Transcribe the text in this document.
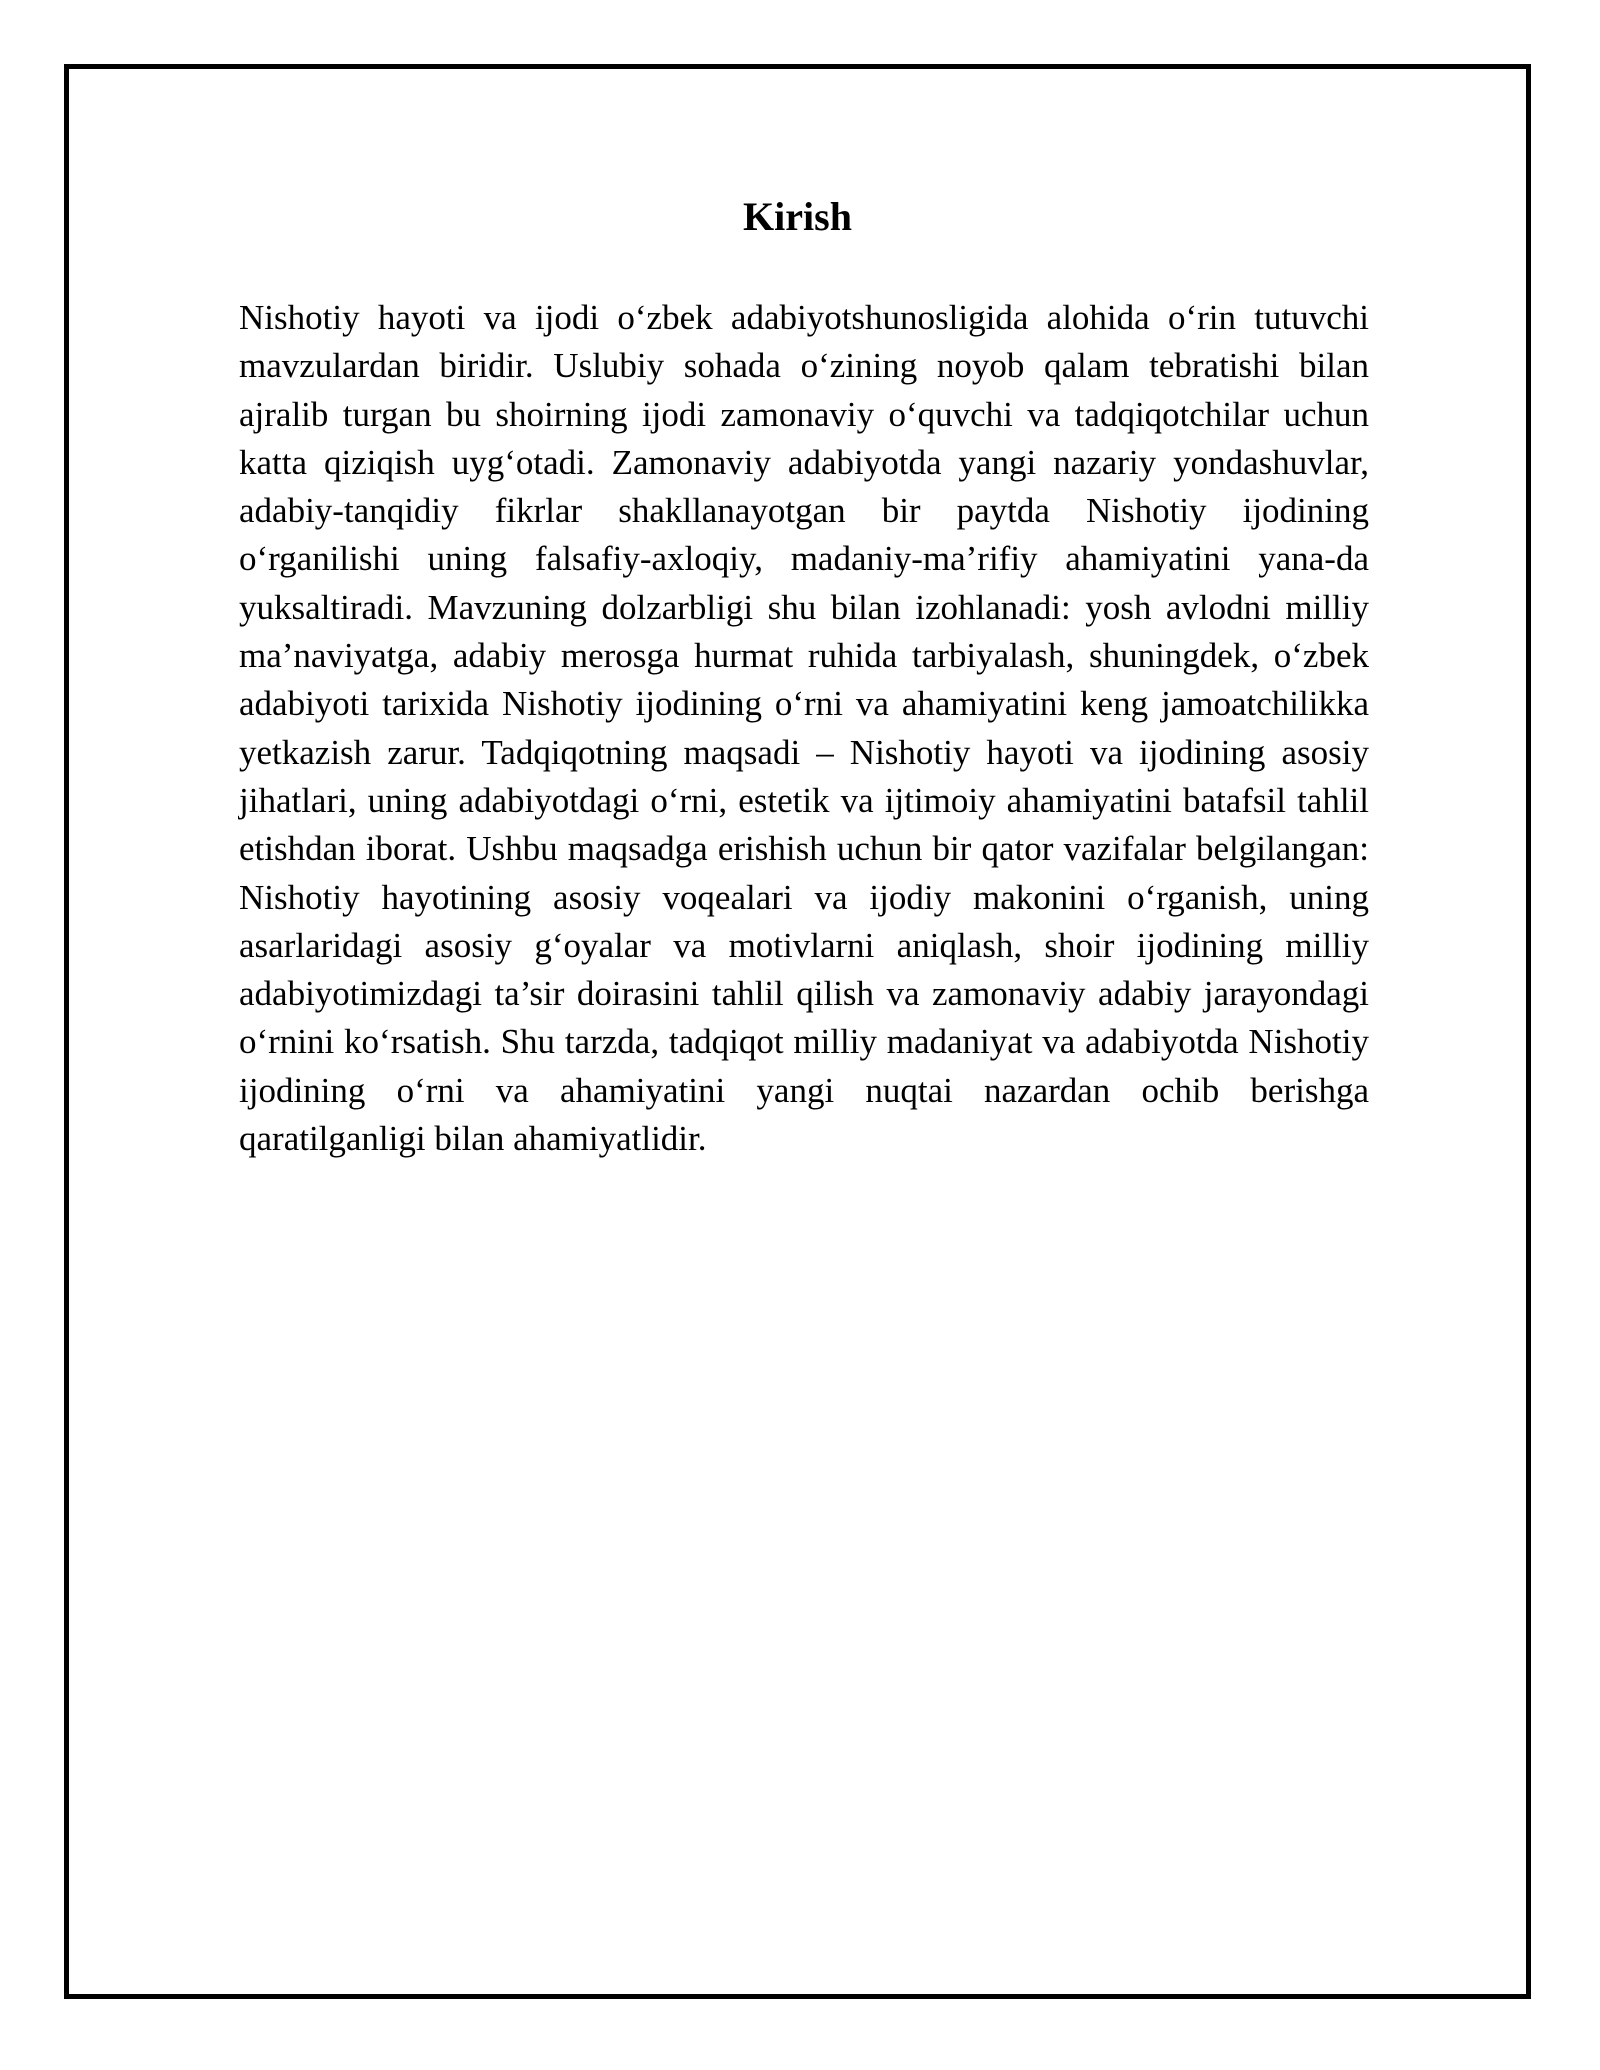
Kirish

Nishotiy hayoti va ijodi o‘zbek adabiyotshunosligida alohida o‘rin tutuvchi mavzulardan biridir. Uslubiy sohada o‘zining noyob qalam tebratishi bilan ajralib turgan bu shoirning ijodi zamonaviy o‘quvchi va tadqiqotchilar uchun katta qiziqish uyg‘otadi. Zamonaviy adabiyotda yangi nazariy yondashuvlar, adabiy-tanqidiy fikrlar shakllanayotgan bir paytda Nishotiy ijodining o‘rganilishi uning falsafiy-axloqiy, madaniy-ma’rifiy ahamiyatini yana-da yuksaltiradi. Mavzuning dolzarbligi shu bilan izohlanadi: yosh avlodni milliy ma’naviyatga, adabiy merosga hurmat ruhida tarbiyalash, shuningdek, o‘zbek adabiyoti tarixida Nishotiy ijodining o‘rni va ahamiyatini keng jamoatchilikka yetkazish zarur. Tadqiqotning maqsadi – Nishotiy hayoti va ijodining asosiy jihatlari, uning adabiyotdagi o‘rni, estetik va ijtimoiy ahamiyatini batafsil tahlil etishdan iborat. Ushbu maqsadga erishish uchun bir qator vazifalar belgilangan: Nishotiy hayotining asosiy voqealari va ijodiy makonini o‘rganish, uning asarlaridagi asosiy g‘oyalar va motivlarni aniqlash, shoir ijodining milliy adabiyotimizdagi ta’sir doirasini tahlil qilish va zamonaviy adabiy jarayondagi o‘rnini ko‘rsatish. Shu tarzda, tadqiqot milliy madaniyat va adabiyotda Nishotiy ijodining o‘rni va ahamiyatini yangi nuqtai nazardan ochib berishga qaratilganligi bilan ahamiyatlidir.
